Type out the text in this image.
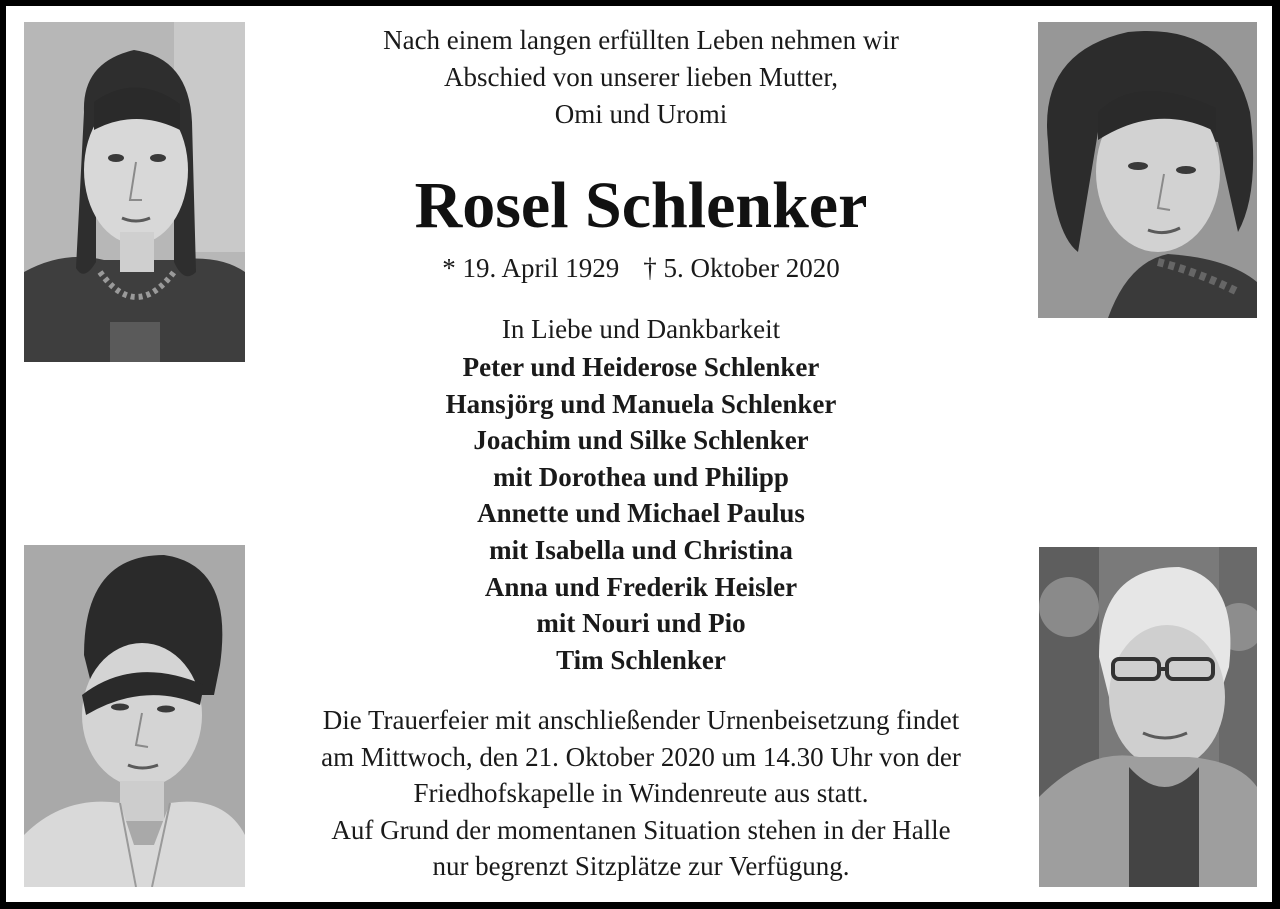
Nach einem langen erfüllten Leben nehmen wir
Abschied von unserer lieben Mutter,
Omi und Uromi
Rosel Schlenker
* 19. April 1929 † 5. Oktober 2020
In Liebe und Dankbarkeit
Peter und Heiderose Schlenker
Hansjörg und Manuela Schlenker
Joachim und Silke Schlenker
mit Dorothea und Philipp
Annette und Michael Paulus
mit Isabella und Christina
Anna und Frederik Heisler
mit Nouri und Pio
Tim Schlenker
Die Trauerfeier mit anschließender Urnenbeisetzung findet
am Mittwoch, den 21. Oktober 2020 um 14.30 Uhr von der
Friedhofskapelle in Windenreute aus statt.
Auf Grund der momentanen Situation stehen in der Halle
nur begrenzt Sitzplätze zur Verfügung.
